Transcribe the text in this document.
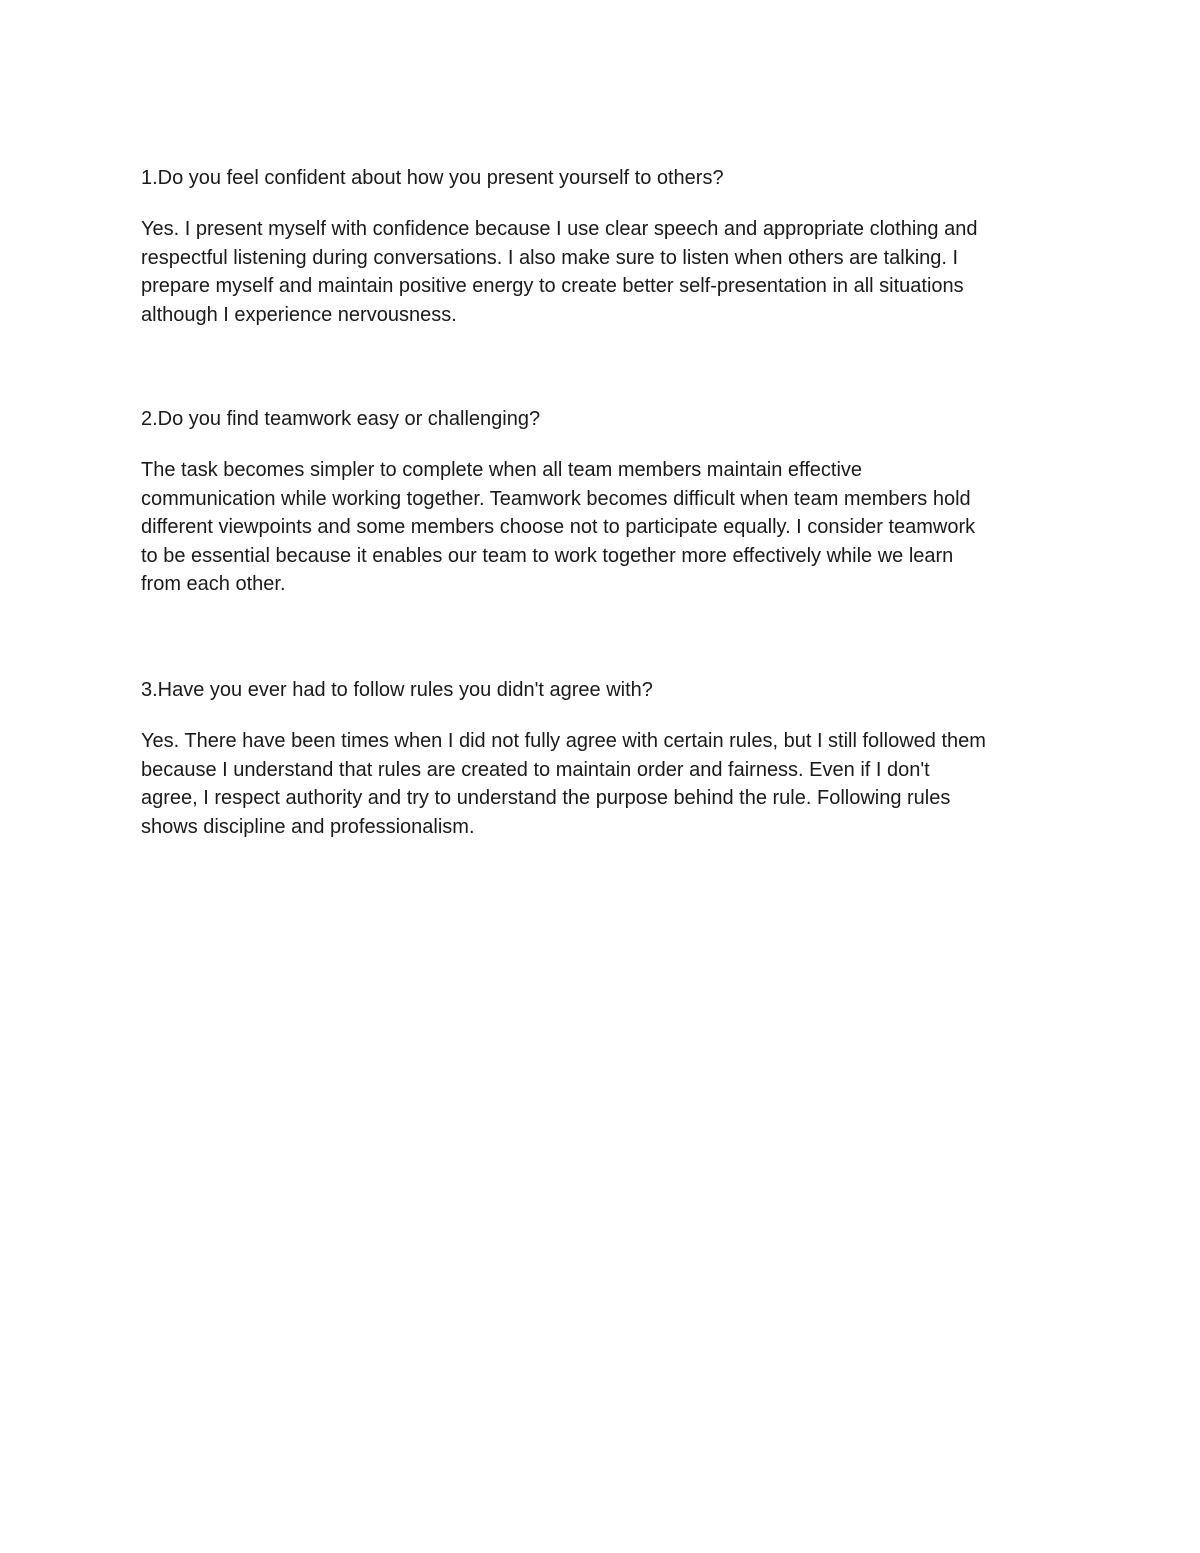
1.Do you feel confident about how you present yourself to others?

Yes. I present myself with confidence because I use clear speech and appropriate clothing and
respectful listening during conversations. I also make sure to listen when others are talking. I
prepare myself and maintain positive energy to create better self-presentation in all situations
although I experience nervousness.

2.Do you find teamwork easy or challenging?

The task becomes simpler to complete when all team members maintain effective
communication while working together. Teamwork becomes difficult when team members hold
different viewpoints and some members choose not to participate equally. I consider teamwork
to be essential because it enables our team to work together more effectively while we learn
from each other.

3.Have you ever had to follow rules you didn't agree with?

Yes. There have been times when I did not fully agree with certain rules, but I still followed them
because I understand that rules are created to maintain order and fairness. Even if I don't
agree, I respect authority and try to understand the purpose behind the rule. Following rules
shows discipline and professionalism.
